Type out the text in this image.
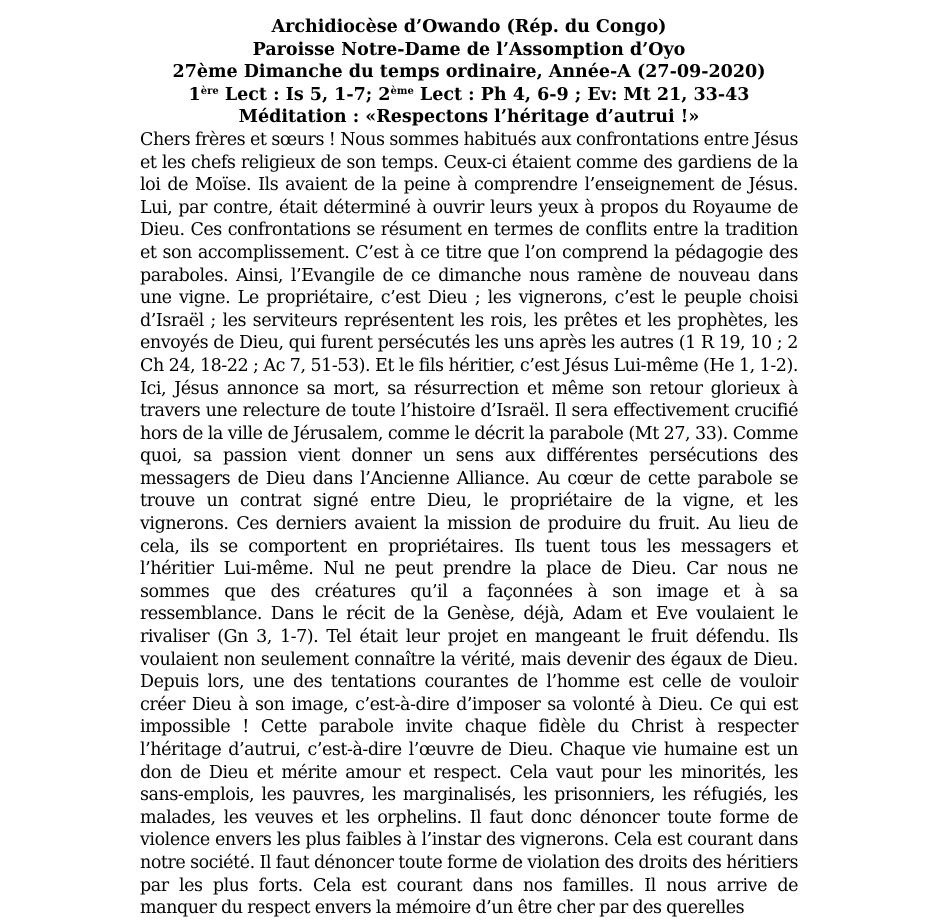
Archidiocèse d’Owando (Rép. du Congo)
Paroisse Notre-Dame de l’Assomption d’Oyo
27ème Dimanche du temps ordinaire, Année-A (27-09-2020)
1ère Lect : Is 5, 1-7; 2ème Lect : Ph 4, 6-9 ; Ev: Mt 21, 33-43
Méditation : «Respectons l’héritage d’autrui !»

Chers frères et sœurs ! Nous sommes habitués aux confrontations entre Jésus et les chefs religieux de son temps. Ceux-ci étaient comme des gardiens de la loi de Moïse. Ils avaient de la peine à comprendre l’enseignement de Jésus. Lui, par contre, était déterminé à ouvrir leurs yeux à propos du Royaume de Dieu. Ces confrontations se résument en termes de conflits entre la tradition et son accomplissement. C’est à ce titre que l’on comprend la pédagogie des paraboles. Ainsi, l’Evangile de ce dimanche nous ramène de nouveau dans une vigne. Le propriétaire, c’est Dieu ; les vignerons, c’est le peuple choisi d’Israël ; les serviteurs représentent les rois, les prêtes et les prophètes, les envoyés de Dieu, qui furent persécutés les uns après les autres (1 R 19, 10 ; 2 Ch 24, 18-22 ; Ac 7, 51-53). Et le fils héritier, c’est Jésus Lui-même (He 1, 1-2). Ici, Jésus annonce sa mort, sa résurrection et même son retour glorieux à travers une relecture de toute l’histoire d’Israël. Il sera effectivement crucifié hors de la ville de Jérusalem, comme le décrit la parabole (Mt 27, 33). Comme quoi, sa passion vient donner un sens aux différentes persécutions des messagers de Dieu dans l’Ancienne Alliance. Au cœur de cette parabole se trouve un contrat signé entre Dieu, le propriétaire de la vigne, et les vignerons. Ces derniers avaient la mission de produire du fruit. Au lieu de cela, ils se comportent en propriétaires. Ils tuent tous les messagers et l’héritier Lui-même. Nul ne peut prendre la place de Dieu. Car nous ne sommes que des créatures qu’il a façonnées à son image et à sa ressemblance. Dans le récit de la Genèse, déjà, Adam et Eve voulaient le rivaliser (Gn 3, 1-7). Tel était leur projet en mangeant le fruit défendu. Ils voulaient non seulement connaître la vérité, mais devenir des égaux de Dieu. Depuis lors, une des tentations courantes de l’homme est celle de vouloir créer Dieu à son image, c’est-à-dire d’imposer sa volonté à Dieu. Ce qui est impossible ! Cette parabole invite chaque fidèle du Christ à respecter l’héritage d’autrui, c’est-à-dire l’œuvre de Dieu. Chaque vie humaine est un don de Dieu et mérite amour et respect. Cela vaut pour les minorités, les sans-emplois, les pauvres, les marginalisés, les prisonniers, les réfugiés, les malades, les veuves et les orphelins. Il faut donc dénoncer toute forme de violence envers les plus faibles à l’instar des vignerons. Cela est courant dans notre société. Il faut dénoncer toute forme de violation des droits des héritiers par les plus forts. Cela est courant dans nos familles. Il nous arrive de manquer du respect envers la mémoire d’un être cher par des querelles
